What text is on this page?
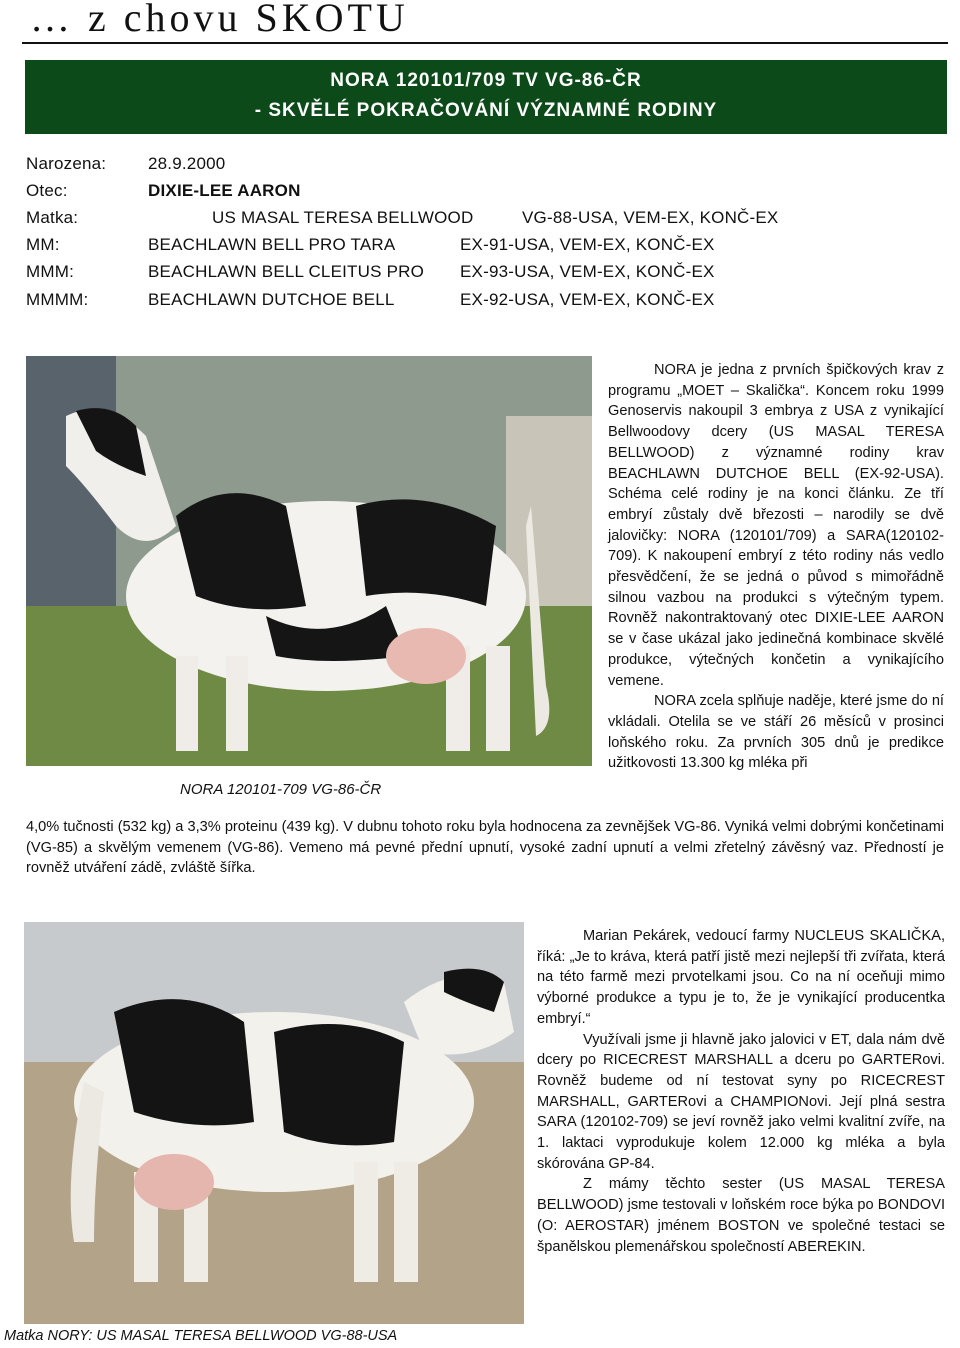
… z chovu SKOTU
NORA 120101/709 TV VG-86-ČR
- SKVĚLÉ POKRAČOVÁNÍ VÝZNAMNÉ RODINY
Narozena: 28.9.2000
Otec:	DIXIE-LEE AARON
Matka:	US MASAL TERESA BELLWOOD	VG-88-USA, VEM-EX, KONČ-EX
MM:	BEACHLAWN BELL PRO TARA	EX-91-USA, VEM-EX, KONČ-EX
MMM:	BEACHLAWN BELL CLEITUS PRO EX-93-USA, VEM-EX, KONČ-EX
MMMM:	BEACHLAWN DUTCHOE BELL	EX-92-USA, VEM-EX, KONČ-EX
NORA 120101-709 VG-86-ČR

NORA je jedna z prvních špičkových krav z programu „MOET – Skalička“. Koncem roku 1999 Genoservis nakoupil 3 embrya z USA z vynikající Bellwoodovy dcery (US MASAL TERESA BELLWOOD) z významné rodiny krav BEACHLAWN DUTCHOE BELL (EX-92-USA). Schéma celé rodiny je na konci článku. Ze tří embryí zůstaly dvě březosti – narodily se dvě jalovičky: NORA (120101/709) a SARA(120102-709). K nakoupení embryí z této rodiny nás vedlo přesvědčení, že se jedná o původ s mimořádně silnou vazbou na produkci s výtečným typem. Rovněž nakontraktovaný otec DIXIE-LEE AARON se v čase ukázal jako jedinečná kombinace skvělé produkce, výtečných končetin a vynikajícího vemene.

NORA zcela splňuje naděje, které jsme do ní vkládali. Otelila se ve stáří 26 měsíců v prosinci loňského roku. Za prvních 305 dnů je predikce užitkovosti 13.300 kg mléka při

4,0% tučnosti (532 kg) a 3,3% proteinu (439 kg). V dubnu tohoto roku byla hodnocena za zevnějšek VG-86. Vyniká velmi dobrými končetinami (VG-85) a skvělým vemenem (VG-86). Vemeno má pevné přední upnutí, vysoké zadní upnutí a velmi zřetelný závěsný vaz. Předností je rovněž utváření zádě, zvláště šířka.
Matka NORY: US MASAL TERESA BELLWOOD VG-88-USA

Marian Pekárek, vedoucí farmy NUCLEUS SKALIČKA, říká: „Je to kráva, která patří jistě mezi nejlepší tři zvířata, která na této farmě mezi prvotelkami jsou. Co na ní oceňuji mimo výborné produkce a typu je to, že je vynikající producentka embryí.“

Využívali jsme ji hlavně jako jalovici v ET, dala nám dvě dcery po RICECREST MARSHALL a dceru po GARTERovi. Rovněž budeme od ní testovat syny po RICECREST MARSHALL, GARTERovi a CHAMPIONovi. Její plná sestra SARA (120102-709) se jeví rovněž jako velmi kvalitní zvíře, na 1. laktaci vyprodukuje kolem 12.000 kg mléka a byla skórována GP-84.

Z mámy těchto sester (US MASAL TERESA BELLWOOD) jsme testovali v loňském roce býka po BONDOVI (O: AEROSTAR) jménem BOSTON ve společné testaci se španělskou plemenářskou společností ABEREKIN.
